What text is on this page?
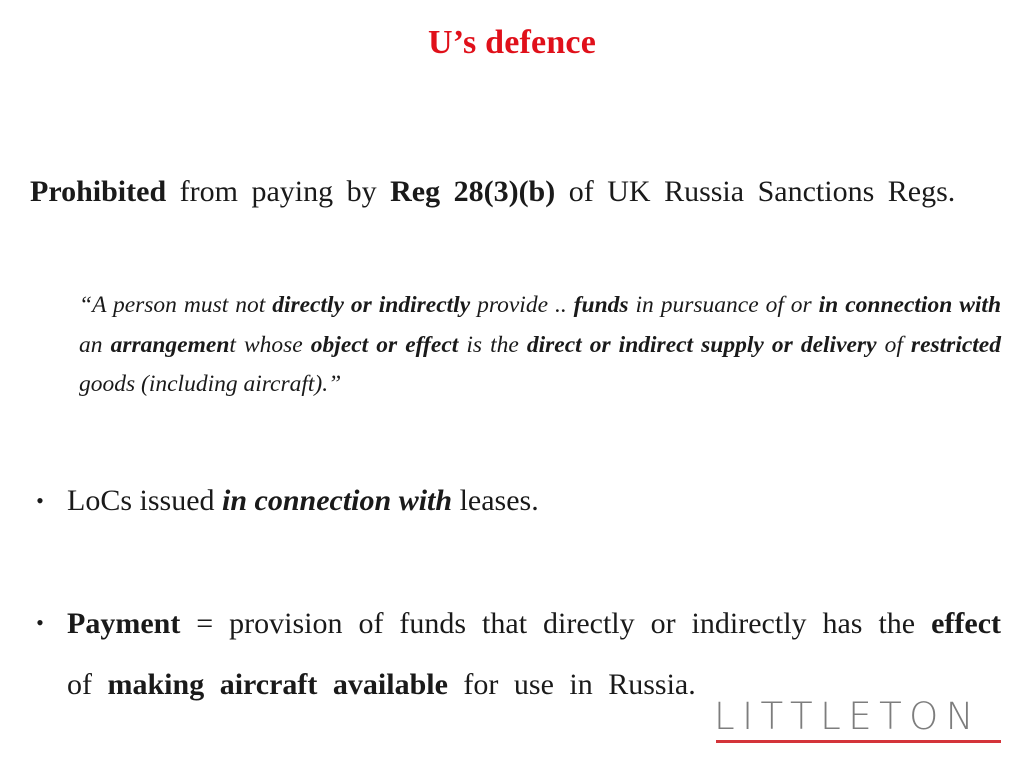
U’s defence
Prohibited from paying by Reg 28(3)(b) of UK Russia Sanctions Regs.
“A person must not directly or indirectly provide .. funds in pursuance of or in connection with an arrangement whose object or effect is the direct or indirect supply or delivery of restricted goods (including aircraft).”
• LoCs issued in connection with leases.
• Payment = provision of funds that directly or indirectly has the effect of making aircraft available for use in Russia.
LITTLETON
